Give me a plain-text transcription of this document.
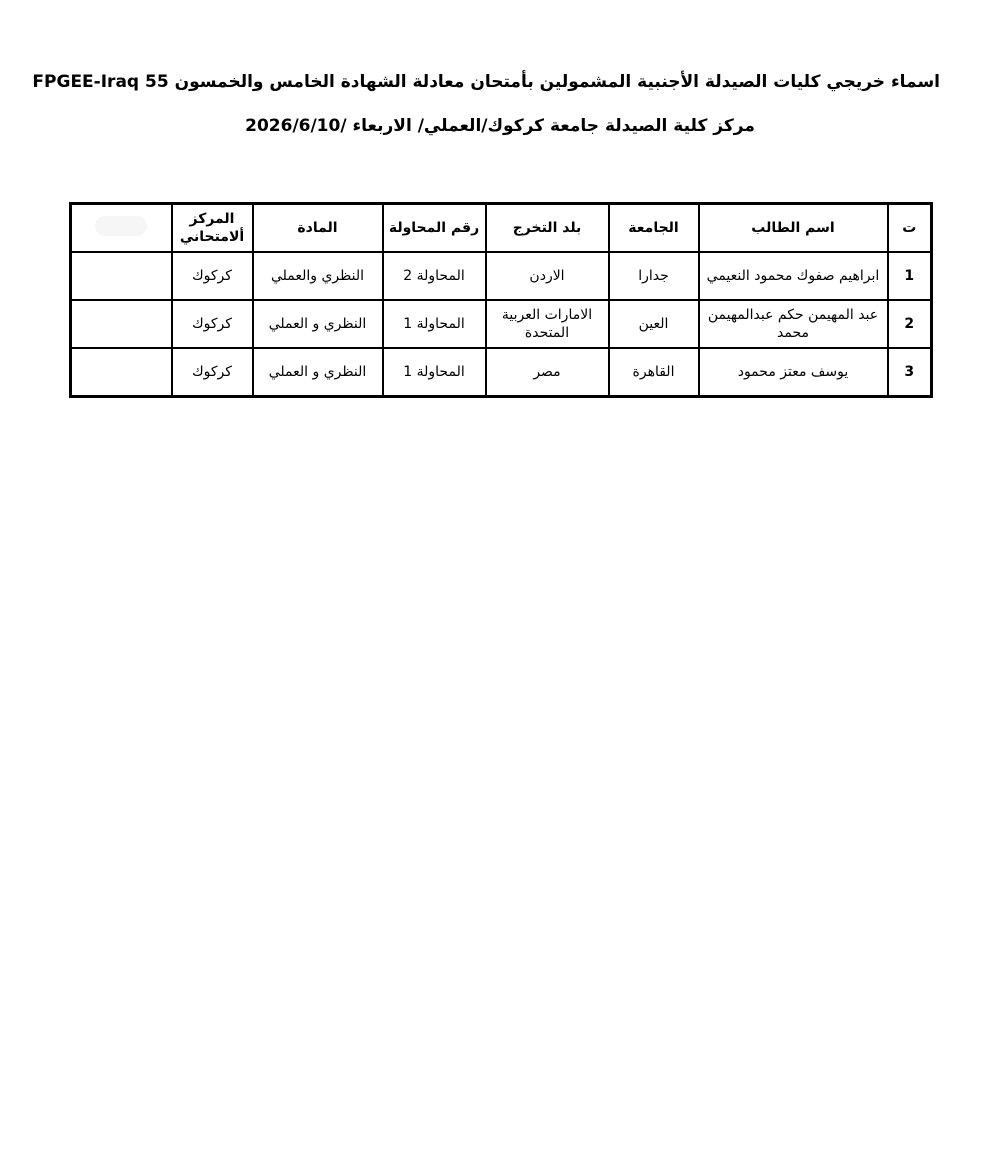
اسماء خريجي كليات الصيدلة الأجنبية المشمولين بأمتحان معادلة الشهادة الخامس والخمسون FPGEE-Iraq 55
مركز كلية الصيدلة جامعة كركوك/العملي/ الاربعاء /2026/6/10
ت	اسم الطالب	الجامعة	بلد التخرج	رقم المحاولة	المادة	المركز ألامتحاني	
1	ابراهيم صفوك محمود النعيمي	جدارا	الاردن	المحاولة 2	النظري والعملي	كركوك	
2	عبد المهيمن حكم عبدالمهيمن محمد	العين	الامارات العربية المتحدة	المحاولة 1	النظري و العملي	كركوك	
3	يوسف معتز محمود	القاهرة	مصر	المحاولة 1	النظري و العملي	كركوك	
